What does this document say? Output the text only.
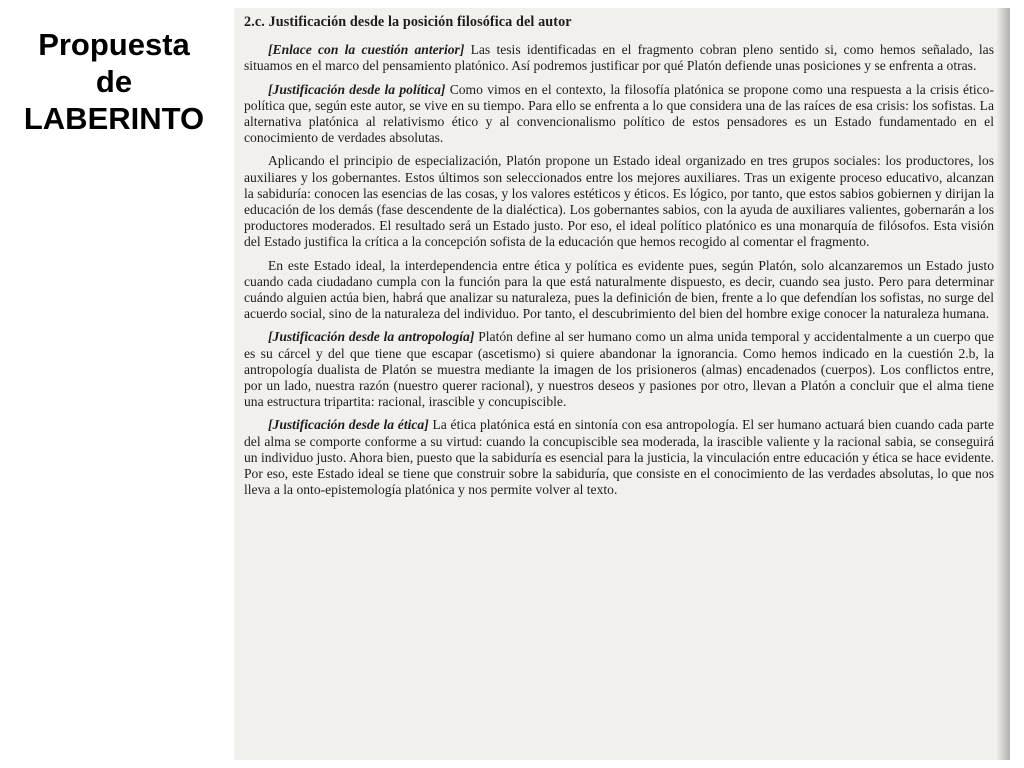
Propuesta
de
LABERINTO
2.c. Justificación desde la posición filosófica del autor

[Enlace con la cuestión anterior] Las tesis identificadas en el fragmento cobran pleno sentido si, como hemos señalado, las situamos en el marco del pensamiento platónico. Así podremos justificar por qué Platón defiende unas posiciones y se enfrenta a otras.

[Justificación desde la política] Como vimos en el contexto, la filosofía platónica se propone como una respuesta a la crisis ético-política que, según este autor, se vive en su tiempo. Para ello se enfrenta a lo que considera una de las raíces de esa crisis: los sofistas. La alternativa platónica al relativismo ético y al convencionalismo político de estos pensadores es un Estado fundamentado en el conocimiento de verdades absolutas.

Aplicando el principio de especialización, Platón propone un Estado ideal organizado en tres grupos sociales: los productores, los auxiliares y los gobernantes. Estos últimos son seleccionados entre los mejores auxiliares. Tras un exigente proceso educativo, alcanzan la sabiduría: conocen las esencias de las cosas, y los valores estéticos y éticos. Es lógico, por tanto, que estos sabios gobiernen y dirijan la educación de los demás (fase descendente de la dialéctica). Los gobernantes sabios, con la ayuda de auxiliares valientes, gobernarán a los productores moderados. El resultado será un Estado justo. Por eso, el ideal político platónico es una monarquía de filósofos. Esta visión del Estado justifica la crítica a la concepción sofista de la educación que hemos recogido al comentar el fragmento.

En este Estado ideal, la interdependencia entre ética y política es evidente pues, según Platón, solo alcanzaremos un Estado justo cuando cada ciudadano cumpla con la función para la que está naturalmente dispuesto, es decir, cuando sea justo. Pero para determinar cuándo alguien actúa bien, habrá que analizar su naturaleza, pues la definición de bien, frente a lo que defendían los sofistas, no surge del acuerdo social, sino de la naturaleza del individuo. Por tanto, el descubrimiento del bien del hombre exige conocer la naturaleza humana.

[Justificación desde la antropología] Platón define al ser humano como un alma unida temporal y accidentalmente a un cuerpo que es su cárcel y del que tiene que escapar (ascetismo) si quiere abandonar la ignorancia. Como hemos indicado en la cuestión 2.b, la antropología dualista de Platón se muestra mediante la imagen de los prisioneros (almas) encadenados (cuerpos). Los conflictos entre, por un lado, nuestra razón (nuestro querer racional), y nuestros deseos y pasiones por otro, llevan a Platón a concluir que el alma tiene una estructura tripartita: racional, irascible y concupiscible.

[Justificación desde la ética] La ética platónica está en sintonía con esa antropología. El ser humano actuará bien cuando cada parte del alma se comporte conforme a su virtud: cuando la concupiscible sea moderada, la irascible valiente y la racional sabia, se conseguirá un individuo justo. Ahora bien, puesto que la sabiduría es esencial para la justicia, la vinculación entre educación y ética se hace evidente. Por eso, este Estado ideal se tiene que construir sobre la sabiduría, que consiste en el conocimiento de las verdades absolutas, lo que nos lleva a la onto-epistemología platónica y nos permite volver al texto.
